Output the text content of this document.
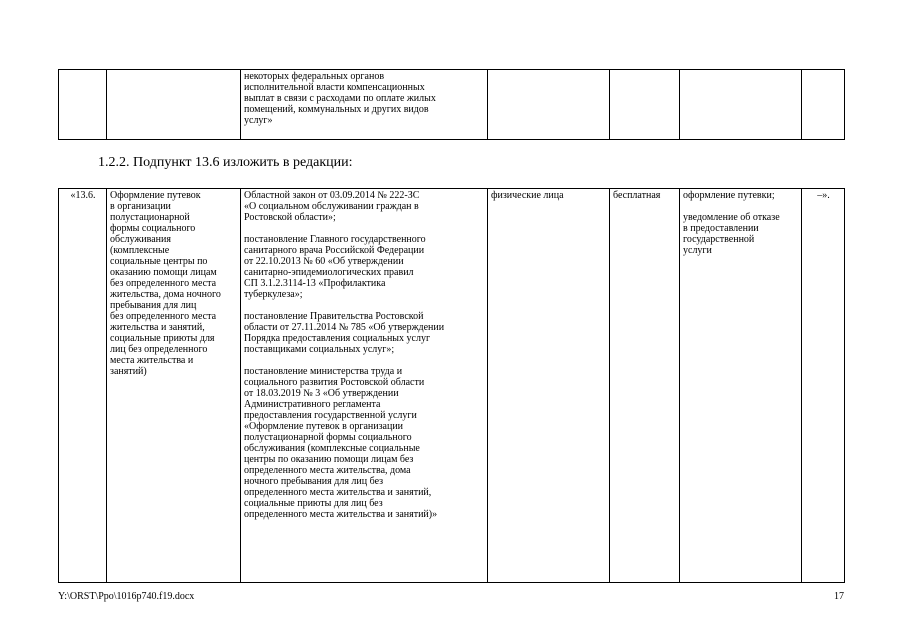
		некоторых федеральных органов
исполнительной власти компенсационных
выплат в связи с расходами по оплате жилых
помещений, коммунальных и других видов
услуг»				
1.2.2. Подпункт 13.6 изложить в редакции:
«13.6.	Оформление путевок
в организации
полустационарной
формы социального
обслуживания
(комплексные
социальные центры по
оказанию помощи лицам
без определенного места
жительства, дома ночного
пребывания для лиц
без определенного места
жительства и занятий,
социальные приюты для
лиц без определенного
места жительства и
занятий)	Областной закон от 03.09.2014 № 222-ЗС
«О социальном обслуживании граждан в
Ростовской области»;

постановление Главного государственного
санитарного врача Российской Федерации
от 22.10.2013 № 60 «Об утверждении
санитарно-эпидемиологических правил
СП 3.1.2.3114-13 «Профилактика
туберкулеза»;

постановление Правительства Ростовской
области от 27.11.2014 № 785 «Об утверждении
Порядка предоставления социальных услуг
поставщиками социальных услуг»;

постановление министерства труда и
социального развития Ростовской области
от 18.03.2019 № 3 «Об утверждении
Административного регламента
предоставления государственной услуги
«Оформление путевок в организации
полустационарной формы социального
обслуживания (комплексные социальные
центры по оказанию помощи лицам без
определенного места жительства, дома
ночного пребывания для лиц без
определенного места жительства и занятий,
социальные приюты для лиц без
определенного места жительства и занятий)»	физические лица	бесплатная	оформление путевки;

уведомление об отказе
в предоставлении
государственной
услуги	–».
Y:\ORST\Ppo\1016p740.f19.docx	17
